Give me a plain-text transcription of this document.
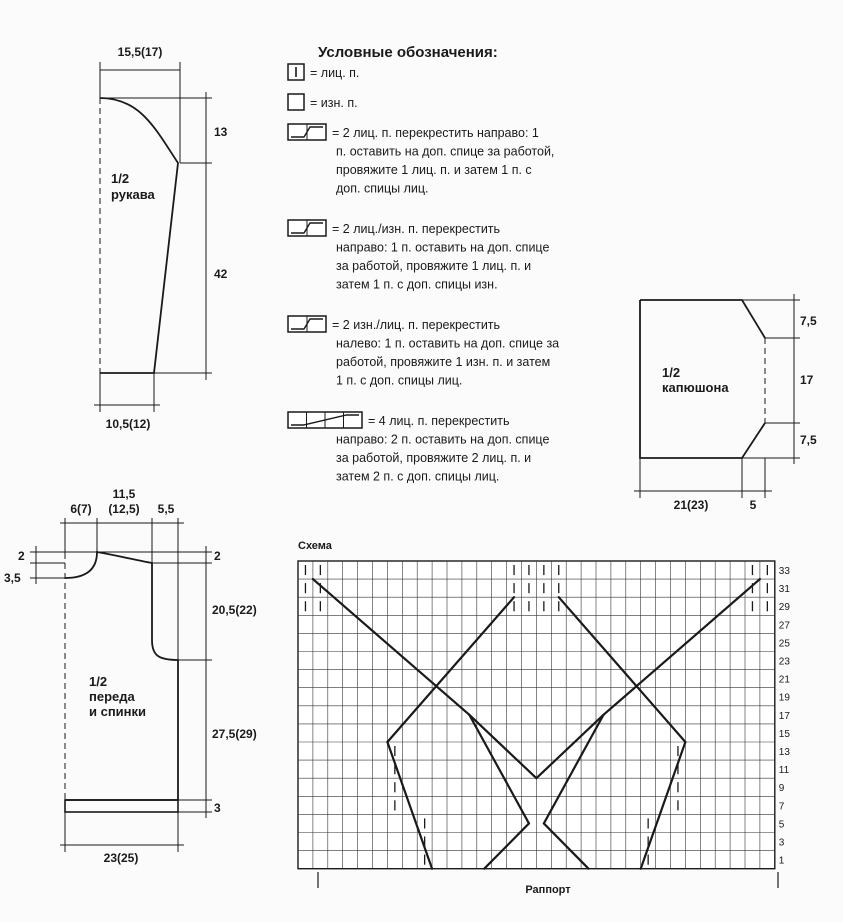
15,5(17)
13
42
10,5(12)
1/2
рукава
Условные обозначения:
= лиц. п.
= изн. п.
= 2 лиц. п. перекрестить направо: 1
п. оставить на доп. спице за работой,
провяжите 1 лиц. п. и затем 1 п. с
доп. спицы лиц.
= 2 лиц./изн. п. перекрестить
направо: 1 п. оставить на доп. спице
за работой, провяжите 1 лиц. п. и
затем 1 п. с доп. спицы изн.
= 2 изн./лиц. п. перекрестить
налево: 1 п. оставить на доп. спице за
работой, провяжите 1 изн. п. и затем
1 п. с доп. спицы лиц.
= 4 лиц. п. перекрестить
направо: 2 п. оставить на доп. спице
за работой, провяжите 2 лиц. п. и
затем 2 п. с доп. спицы лиц.
7,5
17
7,5
21(23)	5
1/2
капюшона
6(7)
11,5
(12,5) 5,5
2
3,5
2
20,5(22)
27,5(29)
3
23(25)
1/2
переда
и спинки
Схема
33
31
29
27
25
23
21
19
17
15
13
11
9
7
5
3
1
Раппорт
